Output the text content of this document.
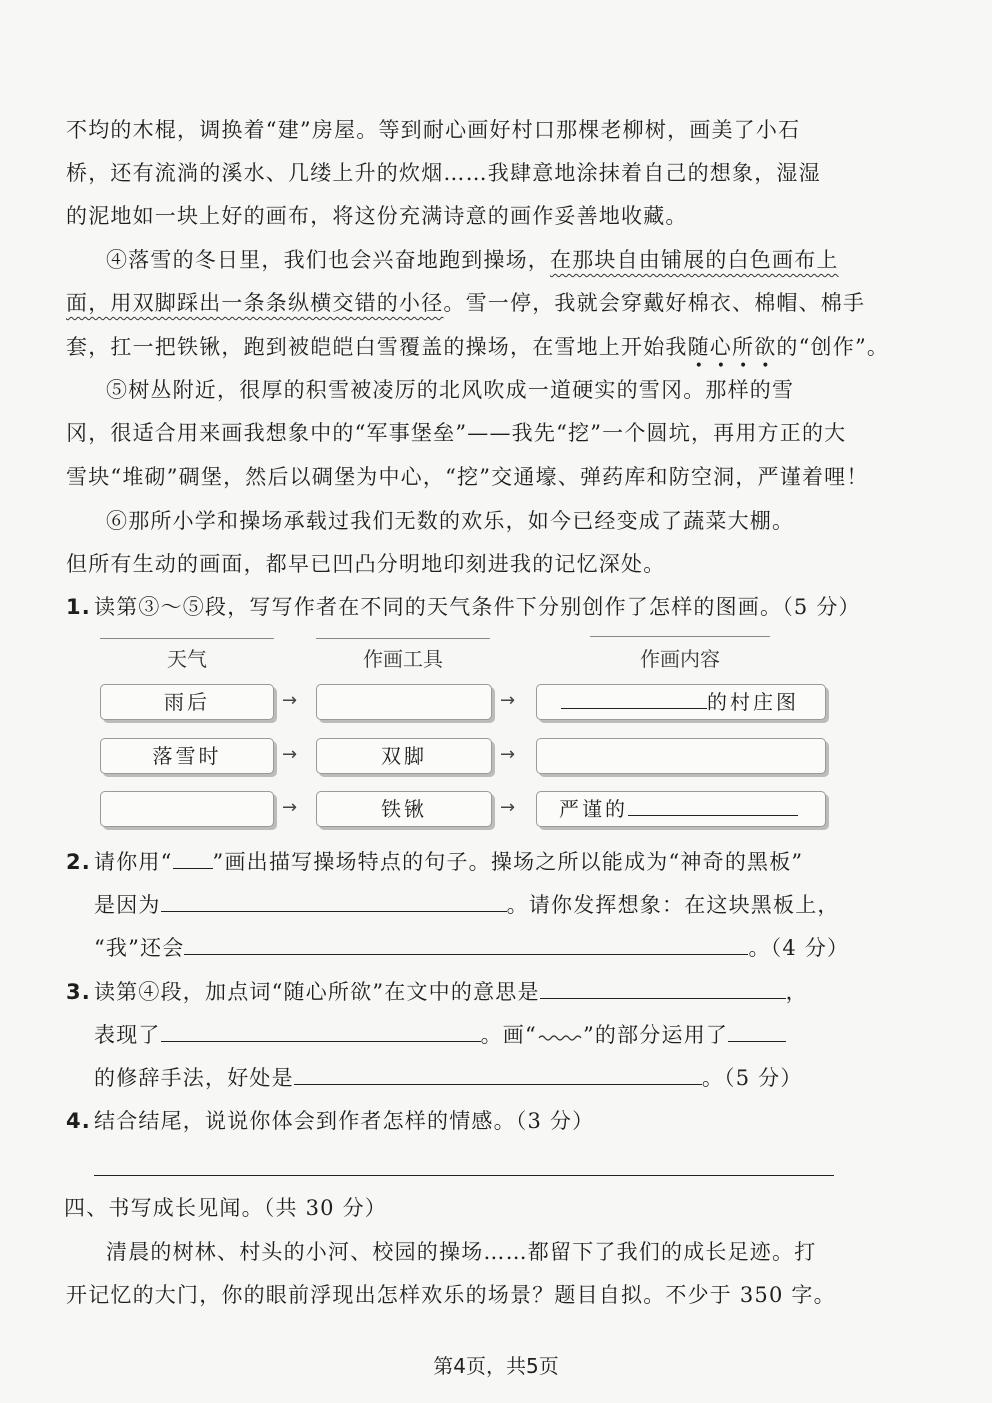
不均的木棍，调换着“建”房屋。等到耐心画好村口那棵老柳树，画美了小石
桥，还有流淌的溪水、几缕上升的炊烟……我肆意地涂抹着自己的想象，湿湿
的泥地如一块上好的画布，将这份充满诗意的画作妥善地收藏。
④落雪的冬日里，我们也会兴奋地跑到操场，在那块自由铺展的白色画布上
面，用双脚踩出一条条纵横交错的小径。雪一停，我就会穿戴好棉衣、棉帽、棉手
套，扛一把铁锹，跑到被皑皑白雪覆盖的操场，在雪地上开始我随心所欲
• • • •
的“创作”。
⑤树丛附近，很厚的积雪被凌厉的北风吹成一道硬实的雪冈。那样的雪
冈，很适合用来画我想象中的“军事堡垒”——我先“挖”一个圆坑，再用方正的大
雪块“堆砌”碉堡，然后以碉堡为中心，“挖”交通壕、弹药库和防空洞，严谨着哩！
⑥那所小学和操场承载过我们无数的欢乐，如今已经变成了蔬菜大棚。
但所有生动的画面，都早已凹凸分明地印刻进我的记忆深处。
1. 读第③～⑤段，写写作者在不同的天气条件下分别创作了怎样的图画。（5 分）
天气	作画工具	作画内容
雨后	→	→	的村庄图
落雪时	→	双脚	→
→	铁锹	→	严谨的
2. 请你用“ ”画出描写操场特点的句子。操场之所以能成为“神奇的黑板”
是因为	。请你发挥想象：在这块黑板上，
“我”还会	。（4 分）
3. 读第④段，加点词“随心所欲”在文中的意思是	，
表现了	。画“ ”的部分运用了
的修辞手法，好处是	。（5 分）
4. 结合结尾，说说你体会到作者怎样的情感。（3 分）
四、书写成长见闻。（共 30 分）
清晨的树林、村头的小河、校园的操场……都留下了我们的成长足迹。打
开记忆的大门，你的眼前浮现出怎样欢乐的场景？题目自拟。不少于 350 字。
第4页，共5页
